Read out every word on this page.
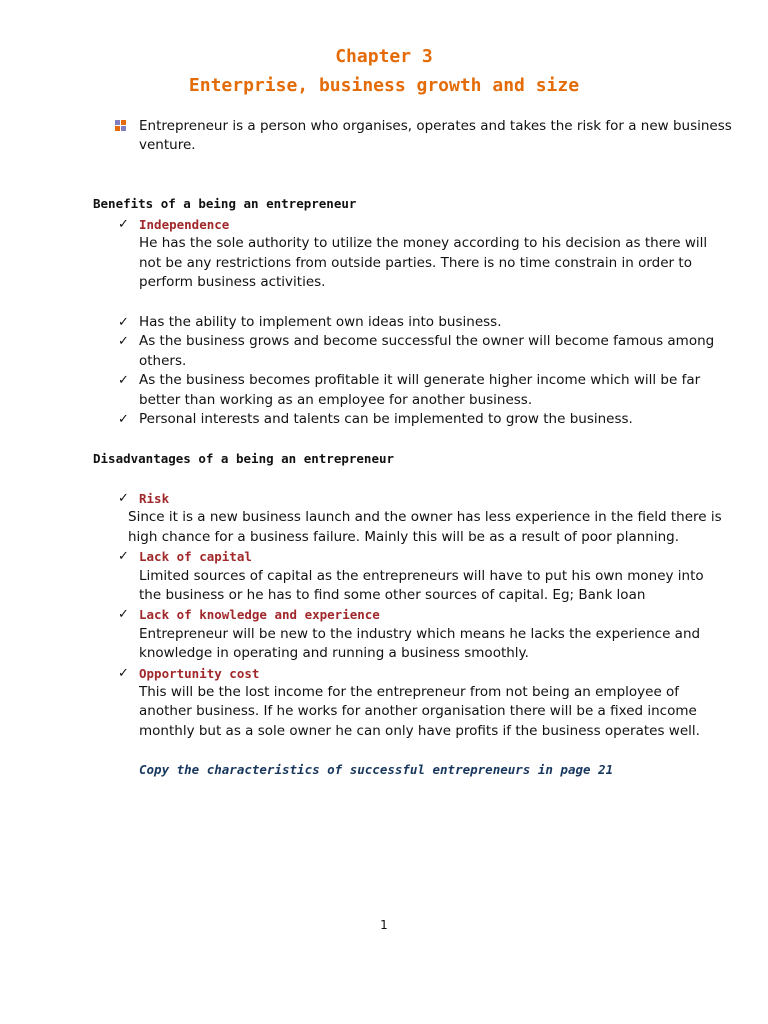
Chapter 3
Enterprise, business growth and size

Entrepreneur is a person who organises, operates and takes the risk for a new business venture.

Benefits of a being an entrepreneur
✓ Independence

He has the sole authority to utilize the money according to his decision as there will not be any restrictions from outside parties. There is no time constrain in order to perform business activities.

✓ Has the ability to implement own ideas into business.

✓ As the business grows and become successful the owner will become famous among others.

✓ As the business becomes profitable it will generate higher income which will be far better than working as an employee for another business.

✓ Personal interests and talents can be implemented to grow the business.

Disadvantages of a being an entrepreneur
✓ Risk

Since it is a new business launch and the owner has less experience in the field there is high chance for a business failure. Mainly this will be as a result of poor planning.

✓ Lack of capital

Limited sources of capital as the entrepreneurs will have to put his own money into the business or he has to find some other sources of capital. Eg; Bank loan

✓ Lack of knowledge and experience

Entrepreneur will be new to the industry which means he lacks the experience and knowledge in operating and running a business smoothly.

✓ Opportunity cost

This will be the lost income for the entrepreneur from not being an employee of another business. If he works for another organisation there will be a fixed income monthly but as a sole owner he can only have profits if the business operates well.

Copy the characteristics of successful entrepreneurs in page 21

1
